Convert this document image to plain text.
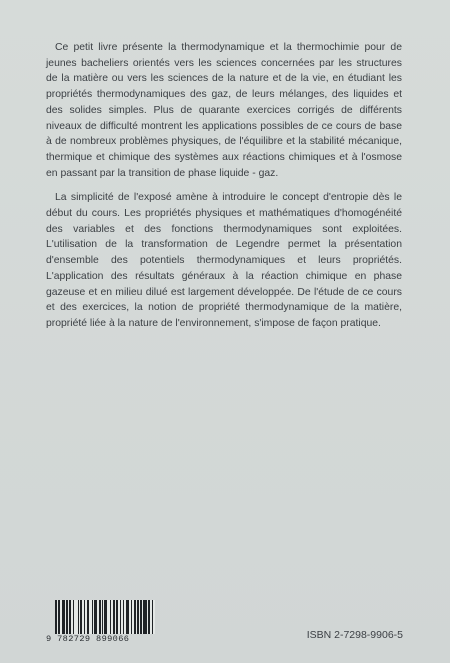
Ce petit livre présente la thermodynamique et la thermochimie pour de jeunes bacheliers orientés vers les sciences concernées par les structures de la matière ou vers les sciences de la nature et de la vie, en étudiant les propriétés thermodynamiques des gaz, de leurs mélanges, des liquides et des solides simples. Plus de quarante exercices corrigés de différents niveaux de difficulté montrent les applications possibles de ce cours de base à de nombreux problèmes physiques, de l'équilibre et la stabilité mécanique, thermique et chimique des systèmes aux réactions chimiques et à l'osmose en passant par la transition de phase liquide - gaz.

La simplicité de l'exposé amène à introduire le concept d'entropie dès le début du cours. Les propriétés physiques et mathématiques d'homogénéité des variables et des fonctions thermodynamiques sont exploitées. L'utilisation de la transformation de Legendre permet la présentation d'ensemble des potentiels thermodynamiques et leurs propriétés. L'application des résultats généraux à la réaction chimique en phase gazeuse et en milieu dilué est largement développée. De l'étude de ce cours et des exercices, la notion de propriété thermodynamique de la matière, propriété liée à la nature de l'environnement, s'impose de façon pratique.

9 782729 899066	ISBN 2-7298-9906-5
